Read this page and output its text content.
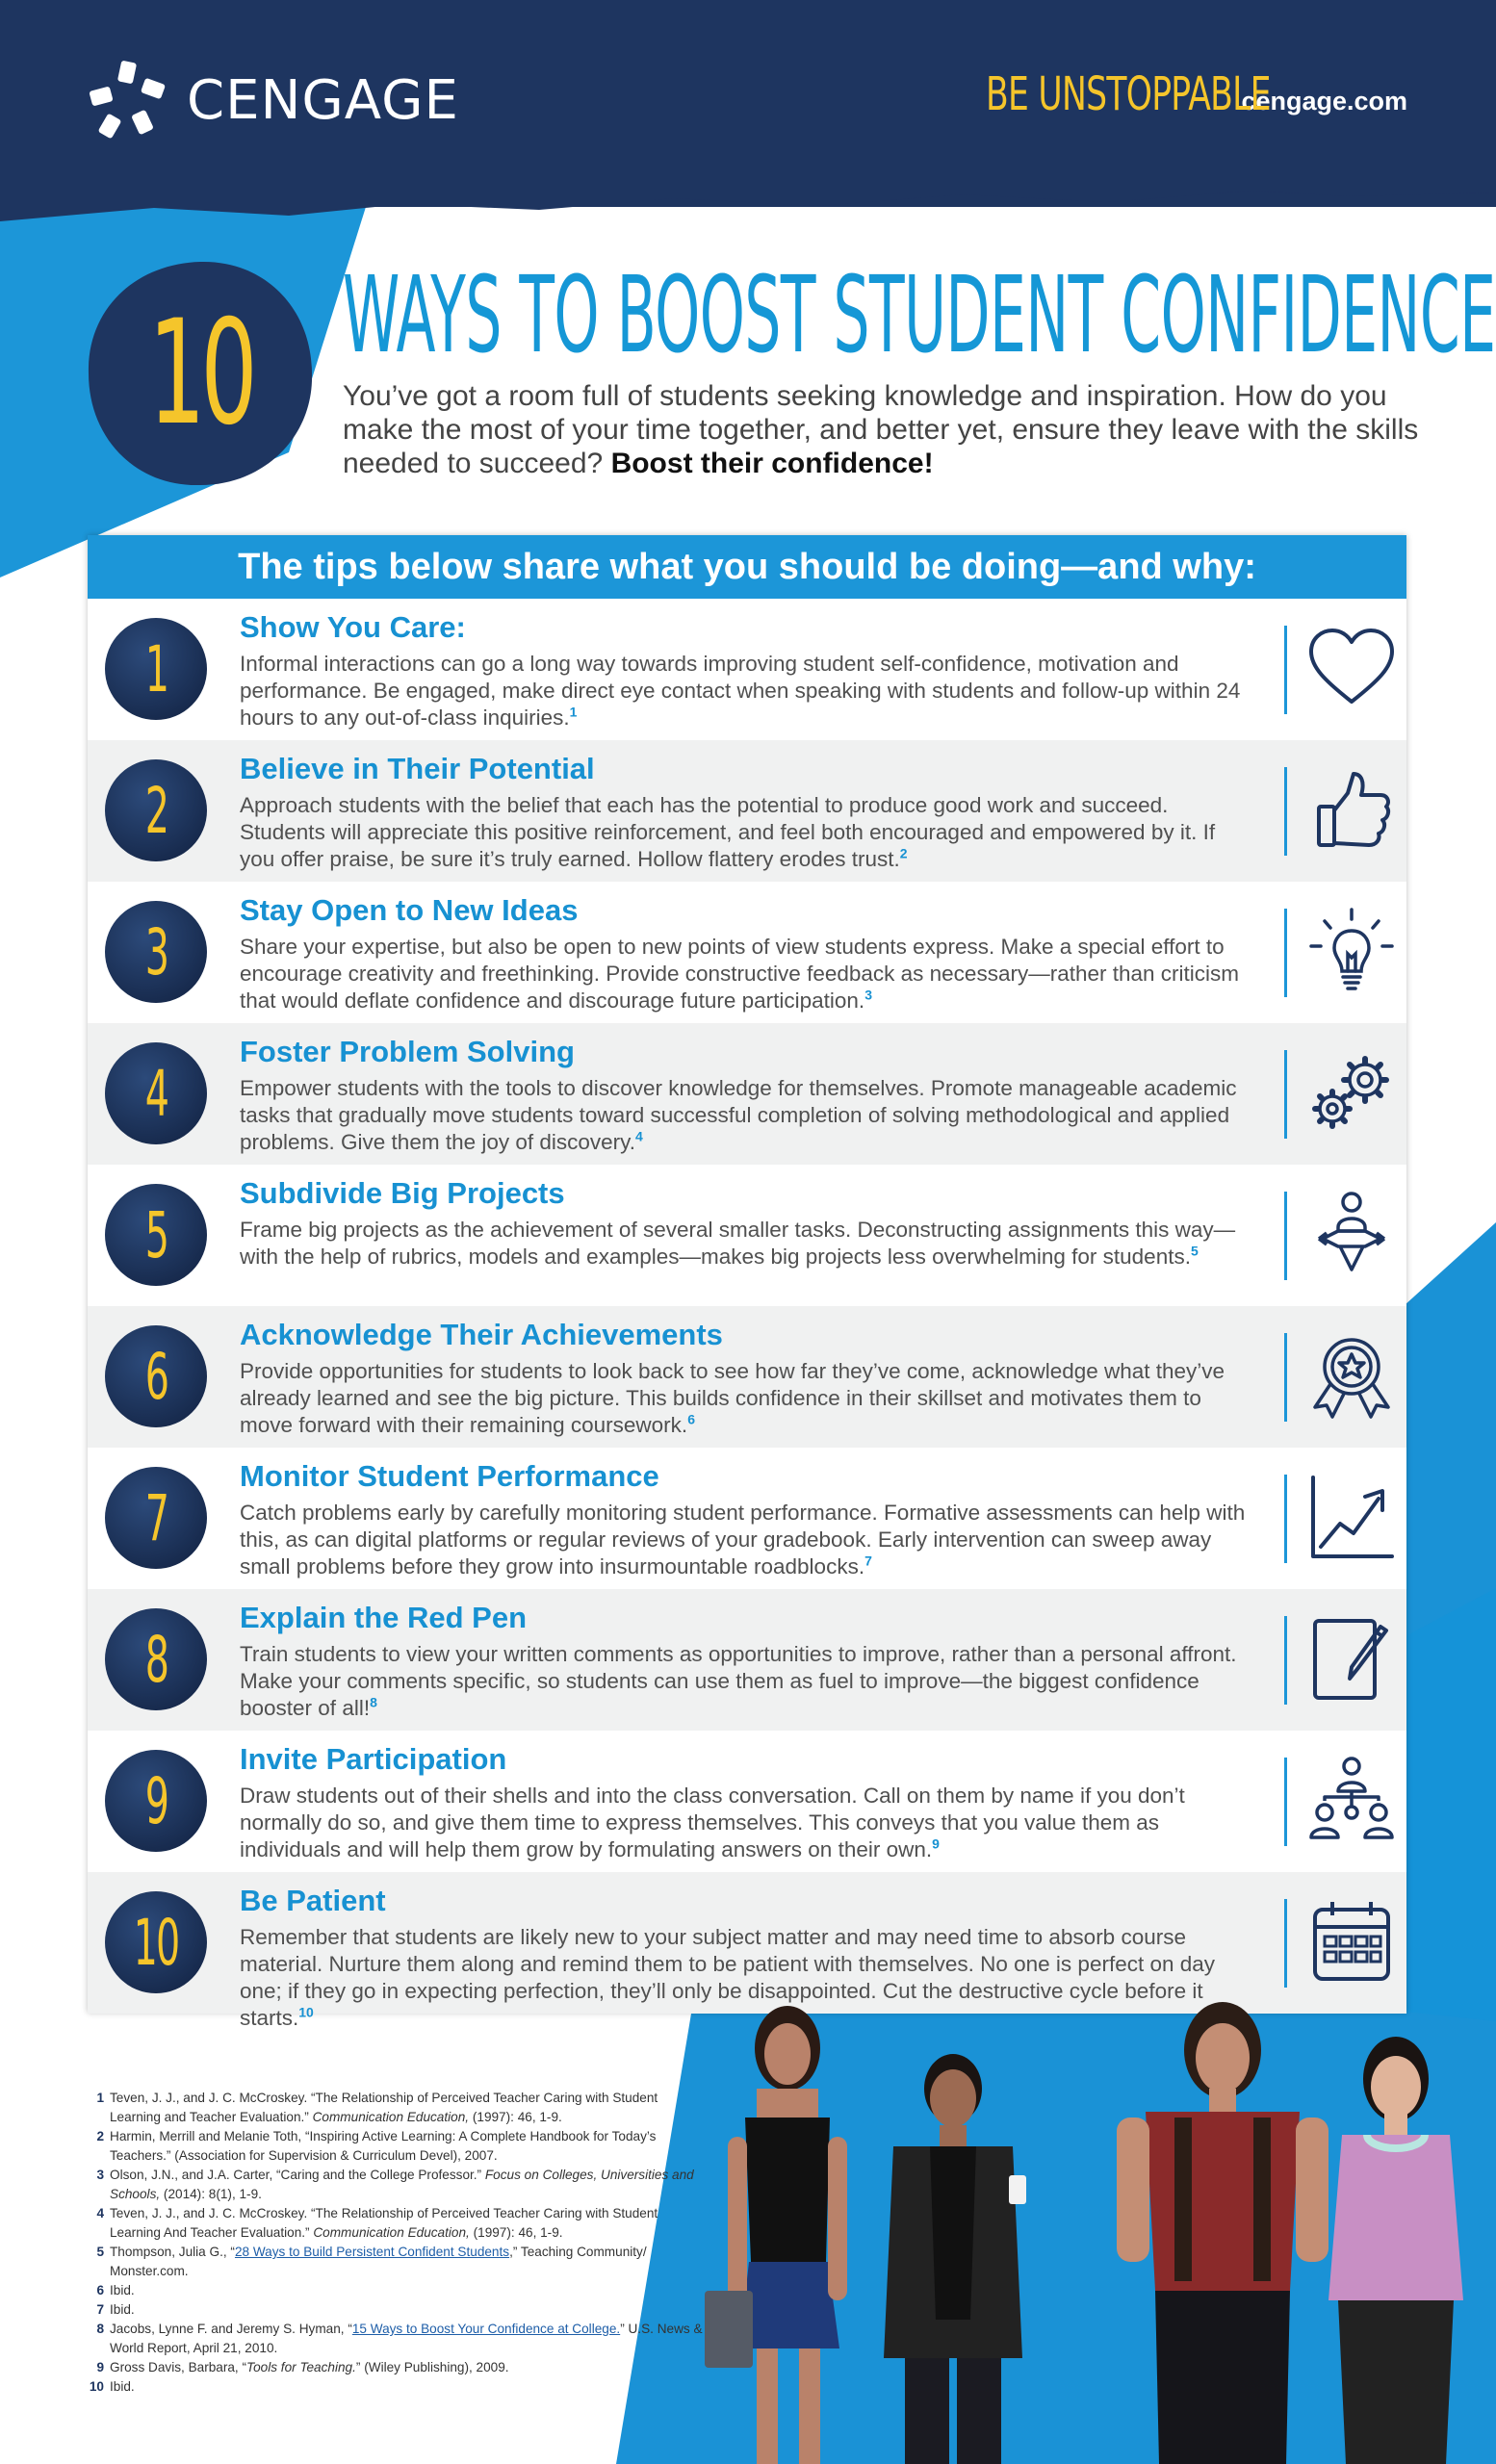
CENGAGE	BE UNSTOPPABLE
cengage.com
10 WAYS TO BOOST STUDENT CONFIDENCE
You’ve got a room full of students seeking knowledge and inspiration. How do you make the most of your time together, and better yet, ensure they leave with the skills needed to succeed? Boost their confidence!
The tips below share what you should be doing—and why:
1
Show You Care:
Informal interactions can go a long way towards improving student self-confidence, motivation and performance. Be engaged, make direct eye contact when speaking with students and follow-up within 24 hours to any out-of-class inquiries.$^1$
2
Believe in Their Potential
Approach students with the belief that each has the potential to produce good work and succeed. Students will appreciate this positive reinforcement, and feel both encouraged and empowered by it. If you offer praise, be sure it’s truly earned. Hollow flattery erodes trust.$^2$
3
Stay Open to New Ideas
Share your expertise, but also be open to new points of view students express. Make a special effort to encourage creativity and freethinking. Provide constructive feedback as necessary—rather than criticism that would deflate confidence and discourage future participation.$^3$
4
Foster Problem Solving
Empower students with the tools to discover knowledge for themselves. Promote manageable academic tasks that gradually move students toward successful completion of solving methodological and applied problems. Give them the joy of discovery.$^4$
5
Subdivide Big Projects
Frame big projects as the achievement of several smaller tasks. Deconstructing assignments this way—with the help of rubrics, models and examples—makes big projects less overwhelming for students.$^5$
6
Acknowledge Their Achievements
Provide opportunities for students to look back to see how far they’ve come, acknowledge what they’ve already learned and see the big picture. This builds confidence in their skillset and motivates them to move forward with their remaining coursework.$^6$
7
Monitor Student Performance
Catch problems early by carefully monitoring student performance. Formative assessments can help with this, as can digital platforms or regular reviews of your gradebook. Early intervention can sweep away small problems before they grow into insurmountable roadblocks.$^7$
8
Explain the Red Pen
Train students to view your written comments as opportunities to improve, rather than a personal affront. Make your comments specific, so students can use them as fuel to improve—the biggest confidence booster of all!$^8$
9
Invite Participation
Draw students out of their shells and into the class conversation. Call on them by name if you don’t normally do so, and give them time to express themselves. This conveys that you value them as individuals and will help them grow by formulating answers on their own.$^9$
10
Be Patient
Remember that students are likely new to your subject matter and may need time to absorb course material. Nurture them along and remind them to be patient with themselves. No one is perfect on day one; if they go in expecting perfection, they’ll only be disappointed. Cut the destructive cycle before it starts.$^{10}$
1 Teven, J. J., and J. C. McCroskey. “The Relationship of Perceived Teacher Caring with Student Learning and Teacher Evaluation.” Communication Education, (1997): 46, 1-9.
2 Harmin, Merrill and Melanie Toth, “Inspiring Active Learning: A Complete Handbook for Today’s Teachers.” (Association for Supervision & Curriculum Devel), 2007.
3 Olson, J.N., and J.A. Carter, “Caring and the College Professor.” Focus on Colleges, Universities and Schools, (2014): 8(1), 1-9.
4 Teven, J. J., and J. C. McCroskey. “The Relationship of Perceived Teacher Caring with Student Learning And Teacher Evaluation.” Communication Education, (1997): 46, 1-9.
5 Thompson, Julia G., “28 Ways to Build Persistent Confident Students,” Teaching Community/ Monster.com.
6 Ibid.
7 Ibid.
8 Jacobs, Lynne F. and Jeremy S. Hyman, “15 Ways to Boost Your Confidence at College.” U.S. News & World Report, April 21, 2010.
9 Gross Davis, Barbara, “Tools for Teaching.” (Wiley Publishing), 2009.
10 Ibid.
